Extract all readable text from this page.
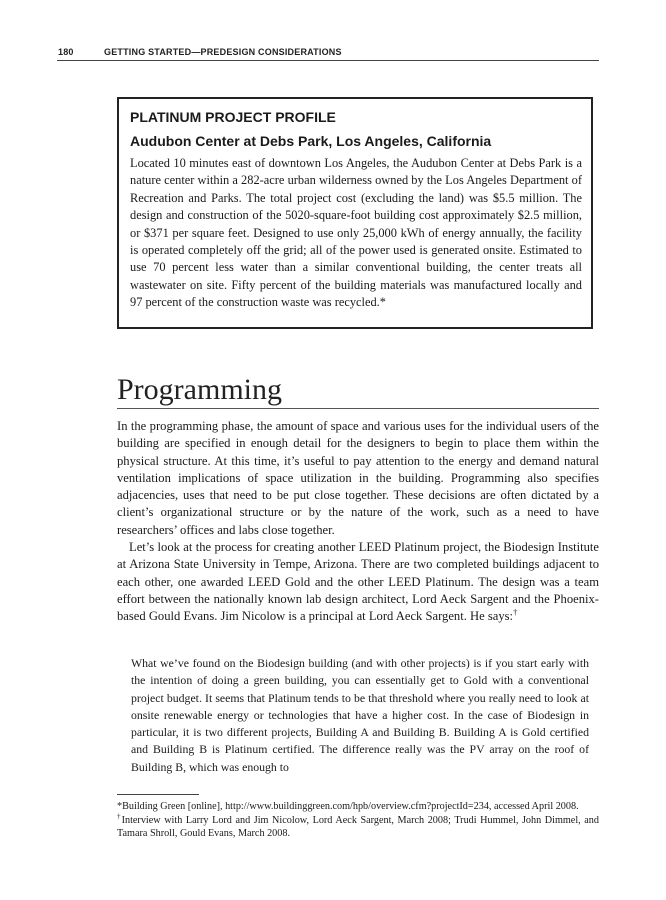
180	GETTING STARTED—PREDESIGN CONSIDERATIONS

PLATINUM PROJECT PROFILE

Audubon Center at Debs Park, Los Angeles, California

Located 10 minutes east of downtown Los Angeles, the Audubon Center at Debs Park is a nature center within a 282-acre urban wilderness owned by the Los Angeles Department of Recreation and Parks. The total project cost (excluding the land) was $5.5 million. The design and construction of the 5020-square-foot building cost approximately $2.5 million, or $371 per square feet. Designed to use only 25,000 kWh of energy annually, the facility is operated completely off the grid; all of the power used is generated onsite. Estimated to use 70 percent less water than a similar conventional building, the center treats all wastewater on site. Fifty percent of the building materials was manufactured locally and 97 percent of the construction waste was recycled.*

Programming

In the programming phase, the amount of space and various uses for the individual users of the building are specified in enough detail for the designers to begin to place them within the physical structure. At this time, it’s useful to pay attention to the energy and demand natural ventilation implications of space utilization in the building. Programming also specifies adjacencies, uses that need to be put close together. These decisions are often dictated by a client’s organizational structure or by the nature of the work, such as a need to have researchers’ offices and labs close together.

Let’s look at the process for creating another LEED Platinum project, the Biodesign Institute at Arizona State University in Tempe, Arizona. There are two completed buildings adjacent to each other, one awarded LEED Gold and the other LEED Platinum. The design was a team effort between the nationally known lab design architect, Lord Aeck Sargent and the Phoenix-based Gould Evans. Jim Nicolow is a principal at Lord Aeck Sargent. He says:†

What we’ve found on the Biodesign building (and with other projects) is if you start early with the intention of doing a green building, you can essentially get to Gold with a conventional project budget. It seems that Platinum tends to be that threshold where you really need to look at onsite renewable energy or technologies that have a higher cost. In the case of Biodesign in particular, it is two different projects, Building A and Building B. Building A is Gold certified and Building B is Platinum certified. The difference really was the PV array on the roof of Building B, which was enough to

*Building Green [online], http://www.buildinggreen.com/hpb/overview.cfm?projectId=234, accessed April 2008.

†Interview with Larry Lord and Jim Nicolow, Lord Aeck Sargent, March 2008; Trudi Hummel, John Dimmel, and Tamara Shroll, Gould Evans, March 2008.
